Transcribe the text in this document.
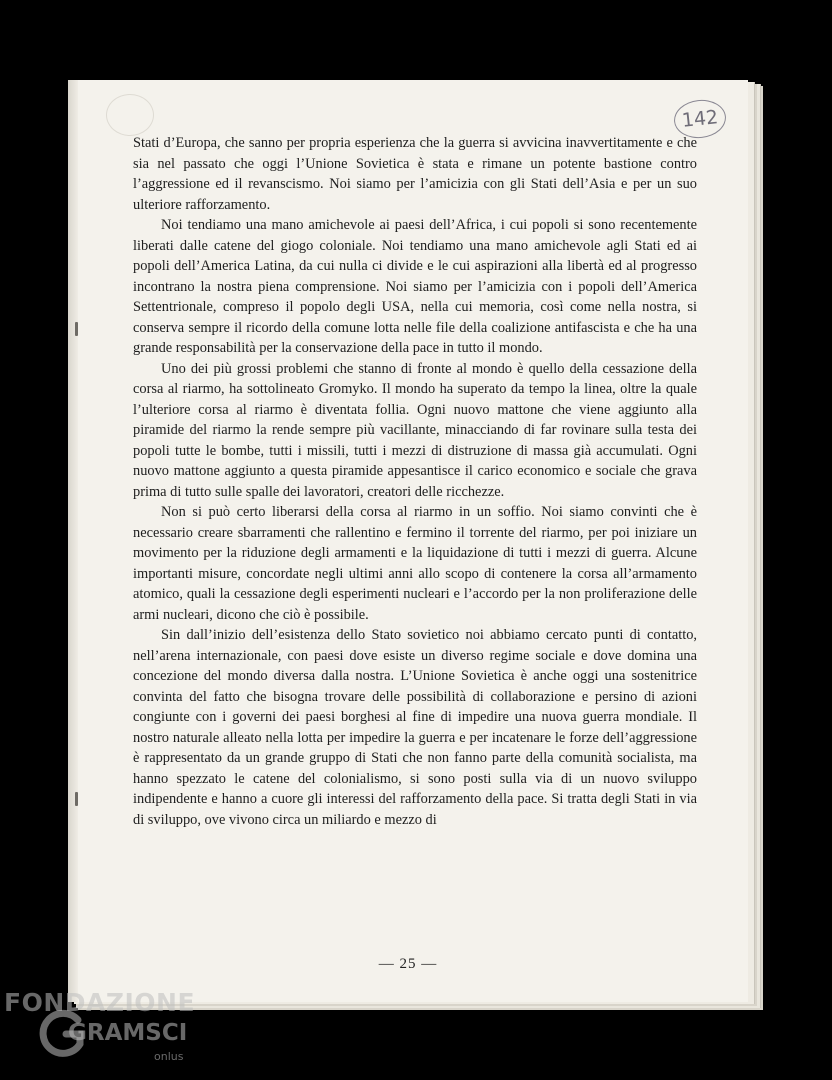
142

Stati d’Europa, che sanno per propria esperienza che la guerra si avvicina inavvertitamente e che sia nel passato che oggi l’Unione Sovietica è stata e rimane un potente bastione contro l’aggressione ed il revanscismo. Noi siamo per l’amicizia con gli Stati dell’Asia e per un suo ulteriore rafforzamento.

Noi tendiamo una mano amichevole ai paesi dell’Africa, i cui popoli si sono recentemente liberati dalle catene del giogo coloniale. Noi tendiamo una mano amichevole agli Stati ed ai popoli dell’America Latina, da cui nulla ci divide e le cui aspirazioni alla libertà ed al progresso incontrano la nostra piena comprensione. Noi siamo per l’amicizia con i popoli dell’America Settentrionale, compreso il popolo degli USA, nella cui memoria, così come nella nostra, si conserva sempre il ricordo della comune lotta nelle file della coalizione antifascista e che ha una grande responsabilità per la conservazione della pace in tutto il mondo.

Uno dei più grossi problemi che stanno di fronte al mondo è quello della cessazione della corsa al riarmo, ha sottolineato Gromyko. Il mondo ha superato da tempo la linea, oltre la quale l’ulteriore corsa al riarmo è diventata follia. Ogni nuovo mattone che viene aggiunto alla piramide del riarmo la rende sempre più vacillante, minacciando di far rovinare sulla testa dei popoli tutte le bombe, tutti i missili, tutti i mezzi di distruzione di massa già accumulati. Ogni nuovo mattone aggiunto a questa piramide appesantisce il carico economico e sociale che grava prima di tutto sulle spalle dei lavoratori, creatori delle ricchezze.

Non si può certo liberarsi della corsa al riarmo in un soffio. Noi siamo convinti che è necessario creare sbarramenti che rallentino e fermino il torrente del riarmo, per poi iniziare un movimento per la riduzione degli armamenti e la liquidazione di tutti i mezzi di guerra. Alcune importanti misure, concordate negli ultimi anni allo scopo di contenere la corsa all’armamento atomico, quali la cessazione degli esperimenti nucleari e l’accordo per la non proliferazione delle armi nucleari, dicono che ciò è possibile.

Sin dall’inizio dell’esistenza dello Stato sovietico noi abbiamo cercato punti di contatto, nell’arena internazionale, con paesi dove esiste un diverso regime sociale e dove domina una concezione del mondo diversa dalla nostra. L’Unione Sovietica è anche oggi una sostenitrice convinta del fatto che bisogna trovare delle possibilità di collaborazione e persino di azioni congiunte con i governi dei paesi borghesi al fine di impedire una nuova guerra mondiale. Il nostro naturale alleato nella lotta per impedire la guerra e per incatenare le forze dell’aggressione è rappresentato da un grande gruppo di Stati che non fanno parte della comunità socialista, ma hanno spezzato le catene del colonialismo, si sono posti sulla via di un nuovo sviluppo indipendente e hanno a cuore gli interessi del rafforzamento della pace. Si tratta degli Stati in via di sviluppo, ove vivono circa un miliardo e mezzo di

— 25 —
FONDAZIONE
GRAMSCI
onlus
